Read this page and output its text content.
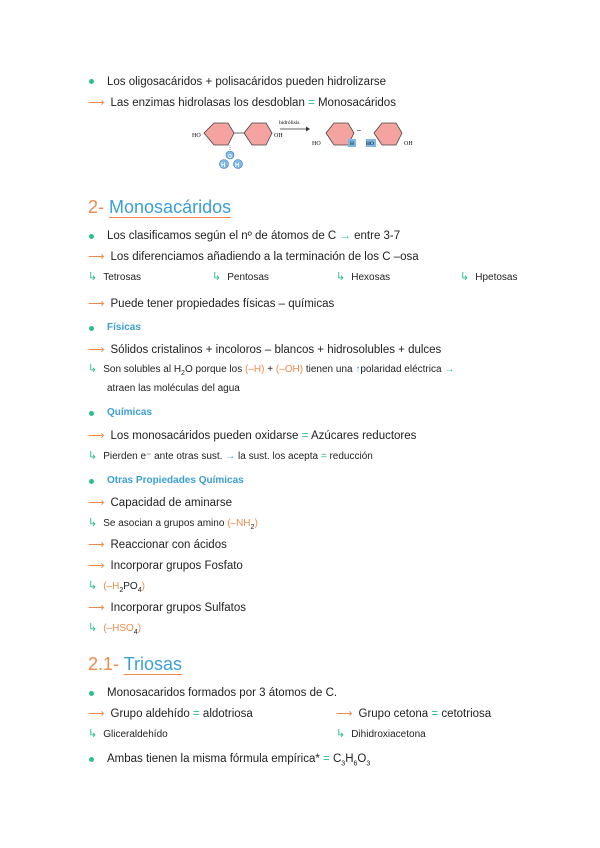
Los oligosacáridos + polisacáridos pueden hidrolizarse
⟶ Las enzimas hidrolasas los desdoblan = Monosacáridos
HO	OH
H
O
H
hidrólisis
HO	H
–
HO	OH
2- Monosacáridos
Los clasificamos según el nº de átomos de C → entre 3-7
⟶ Los diferenciamos añadiendo a la terminación de los C –osa
↳ Tetrosas	↳ Pentosas	↳ Hexosas	↳ Hpetosas
⟶ Puede tener propiedades físicas – químicas
Físicas
⟶ Sólidos cristalinos + incoloros – blancos + hidrosolubles + dulces
↳ Son solubles al $H_2O$ porque los (–H) + (–OH) tienen una ↑polaridad eléctrica →
atraen las moléculas del agua
Químicas
⟶ Los monosacáridos pueden oxidarse = Azúcares reductores
↳ Pierden e⁻ ante otras sust. → la sust. los acepta = reducción
Otras Propiedades Químicas
⟶ Capacidad de aminarse
↳ Se asocian a grupos amino $(-NH_2)$
⟶ Reaccionar con ácidos
⟶ Incorporar grupos Fosfato
↳ $(-H_2PO_4)$
⟶ Incorporar grupos Sulfatos
↳ $(-HSO_4)$
2.1- Triosas
Monosacaridos formados por 3 átomos de C.
⟶ Grupo aldehído = aldotriosa	⟶ Grupo cetona = cetotriosa
↳ Gliceraldehído	↳ Dihidroxiacetona
Ambas tienen la misma fórmula empírica* = $C_3H_6O_3$
